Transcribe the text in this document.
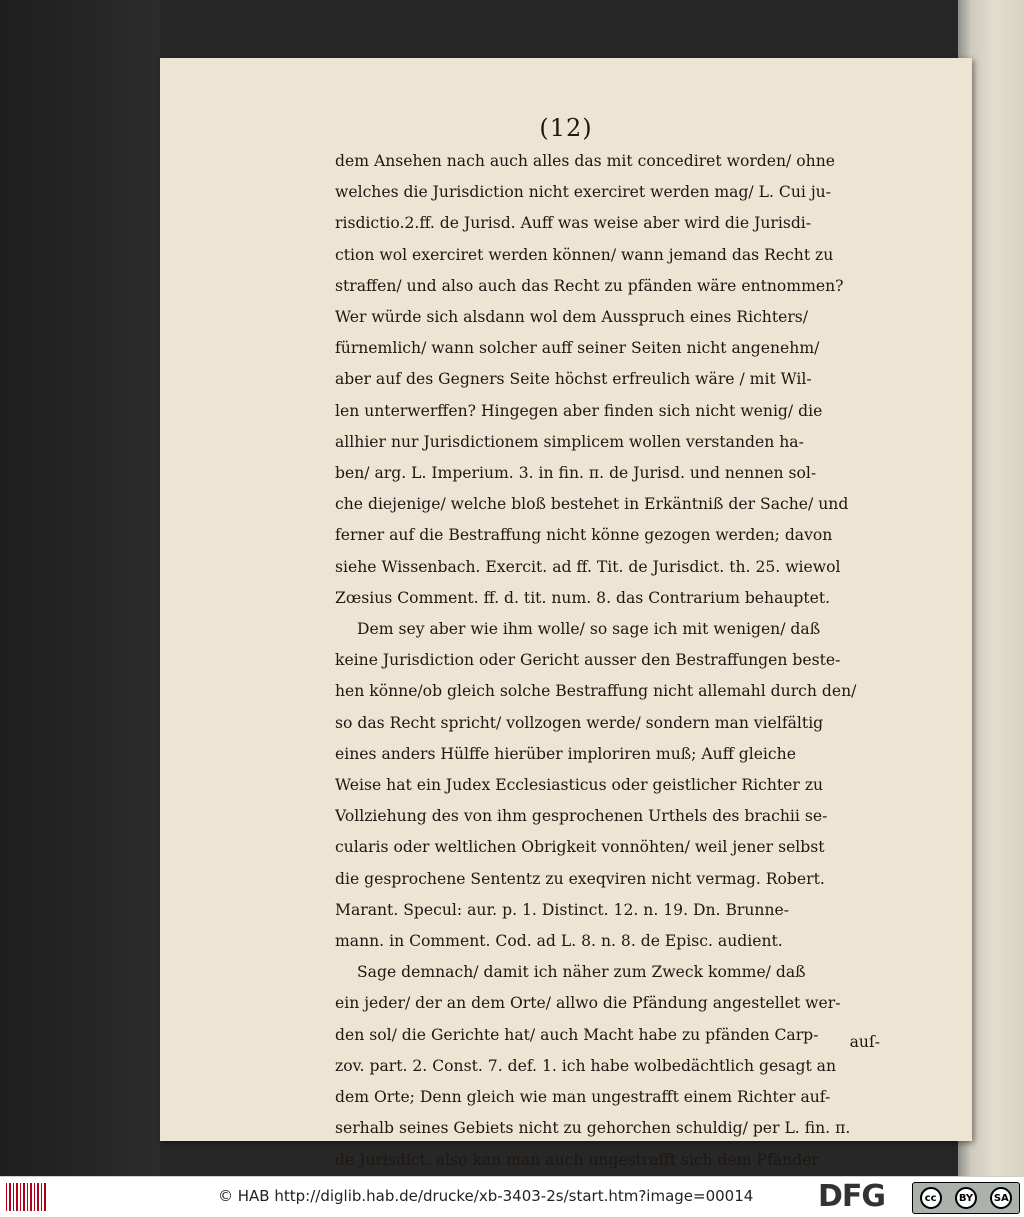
(12)
dem Ansehen nach auch alles das mit concediret worden/ ohne
welches die Jurisdiction nicht exerciret werden mag/ L. Cui ju-
risdictio.2.ff. de Jurisd. Auff was weise aber wird die Jurisdi-
ction wol exerciret werden können/ wann jemand das Recht zu
straffen/ und also auch das Recht zu pfänden wäre entnommen?
Wer würde sich alsdann wol dem Ausspruch eines Richters/
fürnemlich/ wann solcher auff seiner Seiten nicht angenehm/
aber auf des Gegners Seite höchst erfreulich wäre / mit Wil-
len unterwerffen? Hingegen aber finden sich nicht wenig/ die
allhier nur Jurisdictionem simplicem wollen verstanden ha-
ben/ arg. L. Imperium. 3. in fin. π. de Jurisd. und nennen sol-
che diejenige/ welche bloß bestehet in Erkäntniß der Sache/ und
ferner auf die Bestraffung nicht könne gezogen werden; davon
siehe Wissenbach. Exercit. ad ff. Tit. de Jurisdict. th. 25. wiewol
Zœsius Comment. ff. d. tit. num. 8. das Contrarium behauptet.
Dem sey aber wie ihm wolle/ so sage ich mit wenigen/ daß
keine Jurisdiction oder Gericht ausser den Bestraffungen beste-
hen könne/ob gleich solche Bestraffung nicht allemahl durch den/
so das Recht spricht/ vollzogen werde/ sondern man vielfältig
eines anders Hülffe hierüber imploriren muß; Auff gleiche
Weise hat ein Judex Ecclesiasticus oder geistlicher Richter zu
Vollziehung des von ihm gesprochenen Urthels des brachii se-
cularis oder weltlichen Obrigkeit vonnöhten/ weil jener selbst
die gesprochene Sententz zu exeqviren nicht vermag. Robert.
Marant. Specul: aur. p. 1. Distinct. 12. n. 19. Dn. Brunne-
mann. in Comment. Cod. ad L. 8. n. 8. de Episc. audient.
Sage demnach/ damit ich näher zum Zweck komme/ daß
ein jeder/ der an dem Orte/ allwo die Pfändung angestellet wer-
den sol/ die Gerichte hat/ auch Macht habe zu pfänden Carp-
zov. part. 2. Const. 7. def. 1. ich habe wolbedächtlich gesagt an
dem Orte; Denn gleich wie man ungestrafft einem Richter auf-
serhalb seines Gebiets nicht zu gehorchen schuldig/ per L. fin. π.
de Jurisdict. also kan man auch ungestrafft sich dem Pfänder
auſ-
© HAB http://diglib.hab.de/drucke/xb-3403-2s/start.htm?image=00014 DFG	cc	BY	SA
